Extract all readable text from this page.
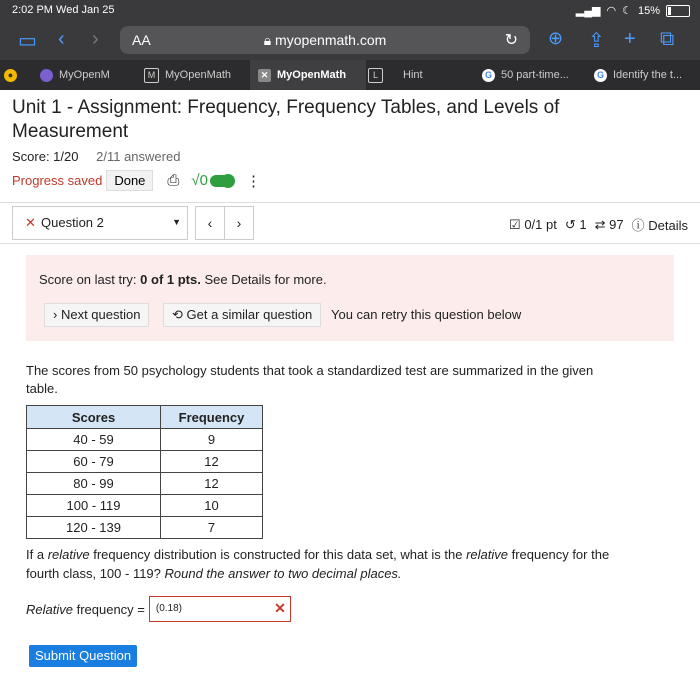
2:02 PM Wed Jan 25	▂▄▆ ◠ ☾ 15%
▭ ‹ › AA	🔒︎ myopenmath.com	↻ ⊕ ⇪ + ⧉
●	MyOpenM	M MyOpenMath	✕ MyOpenMath	L Hint	G 50 part-time...	G Identify the t...
Unit 1 - Assignment: Frequency, Frequency Tables, and Levels of Measurement
Score: 1/20 2/11 answered
Progress saved Done	⎙ √0	⋮
✕ Question 2	▼	‹	›	☑ 0/1 pt ↺ 1 ⇄ 97 ⓘ Details
Score on last try: 0 of 1 pts. See Details for more.
› Next question	⟲ Get a similar question	You can retry this question below
The scores from 50 psychology students that took a standardized test are summarized in the given table.
Scores	Frequency
40 - 59	9
60 - 79	12
80 - 99	12
100 - 119	10
120 - 139	7
If a relative frequency distribution is constructed for this data set, what is the relative frequency for the fourth class, 100 - 119? Round the answer to two decimal places.
Relative frequency = (0.18)	✕
Submit Question
